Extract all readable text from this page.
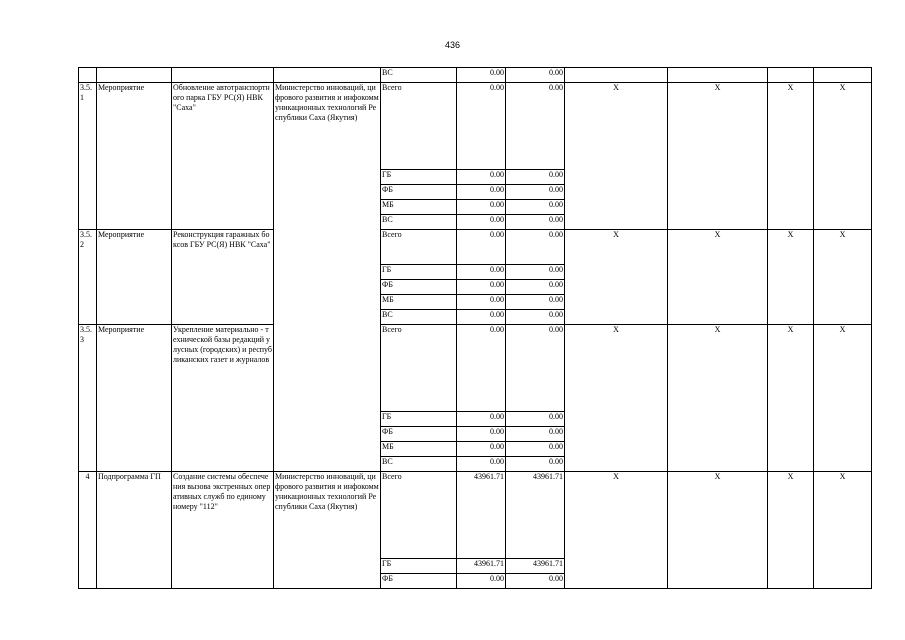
436
				ВС	0.00	0.00				
3.5.
1	Мероприятие	Обновление автотранспортного парка ГБУ РС(Я) НВК "Саха"	Министерство инноваций, цифрового развития и инфокоммуникационных технологий Республики Саха (Якутия)	Всего	0.00	0.00	Х	Х	Х	Х
				ГБ	0.00	0.00				
				ФБ	0.00	0.00				
				МБ	0.00	0.00				
				ВС	0.00	0.00				
3.5.
2	Мероприятие	Реконструкция гаражных боксов ГБУ РС(Я) НВК "Саха"		Всего	0.00	0.00	Х	Х	Х	Х
				ГБ	0.00	0.00				
				ФБ	0.00	0.00				
				МБ	0.00	0.00				
				ВС	0.00	0.00				
3.5.
3	Мероприятие	Укрепление материально - технической базы редакций улусных (городских) и республиканских газет и журналов		Всего	0.00	0.00	Х	Х	Х	Х
				ГБ	0.00	0.00				
				ФБ	0.00	0.00				
				МБ	0.00	0.00				
				ВС	0.00	0.00				
4	Подпрограмма ГП	Создание системы обеспечения вызова экстренных оперативных служб по единому номеру "112"	Министерство инноваций, цифрового развития и инфокоммуникационных технологий Республики Саха (Якутия)	Всего	43961.71	43961.71	Х	Х	Х	Х
				ГБ	43961.71	43961.71				
				ФБ	0.00	0.00				
